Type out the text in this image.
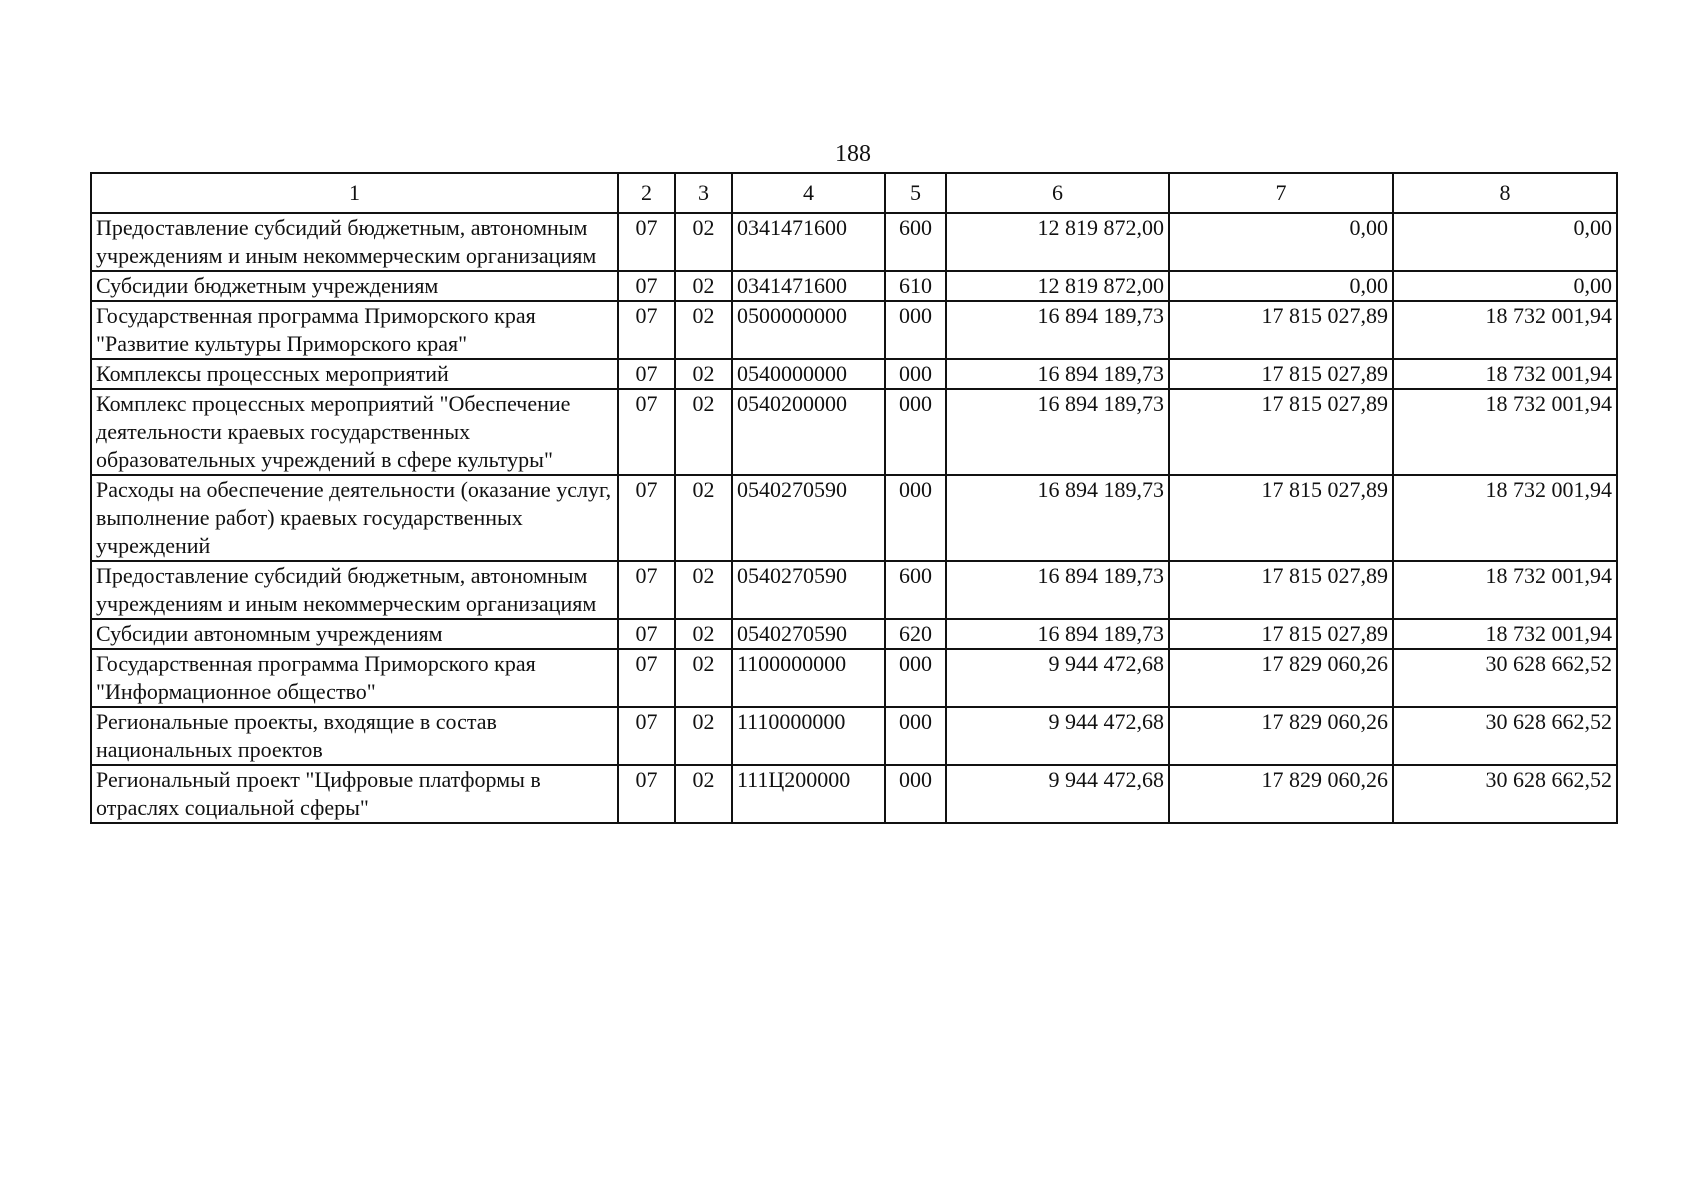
188
1	2	3	4	5	6	7	8
Предоставление субсидий бюджетным, автономным учреждениям и иным некоммерческим организациям	07	02	0341471600	600	12 819 872,00	0,00	0,00
Субсидии бюджетным учреждениям	07	02	0341471600	610	12 819 872,00	0,00	0,00
Государственная программа Приморского края "Развитие культуры Приморского края"	07	02	0500000000	000	16 894 189,73	17 815 027,89	18 732 001,94
Комплексы процессных мероприятий	07	02	0540000000	000	16 894 189,73	17 815 027,89	18 732 001,94
Комплекс процессных мероприятий "Обеспечение деятельности краевых государственных образовательных учреждений в сфере культуры"	07	02	0540200000	000	16 894 189,73	17 815 027,89	18 732 001,94
Расходы на обеспечение деятельности (оказание услуг, выполнение работ) краевых государственных учреждений	07	02	0540270590	000	16 894 189,73	17 815 027,89	18 732 001,94
Предоставление субсидий бюджетным, автономным учреждениям и иным некоммерческим организациям	07	02	0540270590	600	16 894 189,73	17 815 027,89	18 732 001,94
Субсидии автономным учреждениям	07	02	0540270590	620	16 894 189,73	17 815 027,89	18 732 001,94
Государственная программа Приморского края "Информационное общество"	07	02	1100000000	000	9 944 472,68	17 829 060,26	30 628 662,52
Региональные проекты, входящие в состав национальных проектов	07	02	1110000000	000	9 944 472,68	17 829 060,26	30 628 662,52
Региональный проект "Цифровые платформы в отраслях социальной сферы"	07	02	111Ц200000	000	9 944 472,68	17 829 060,26	30 628 662,52
